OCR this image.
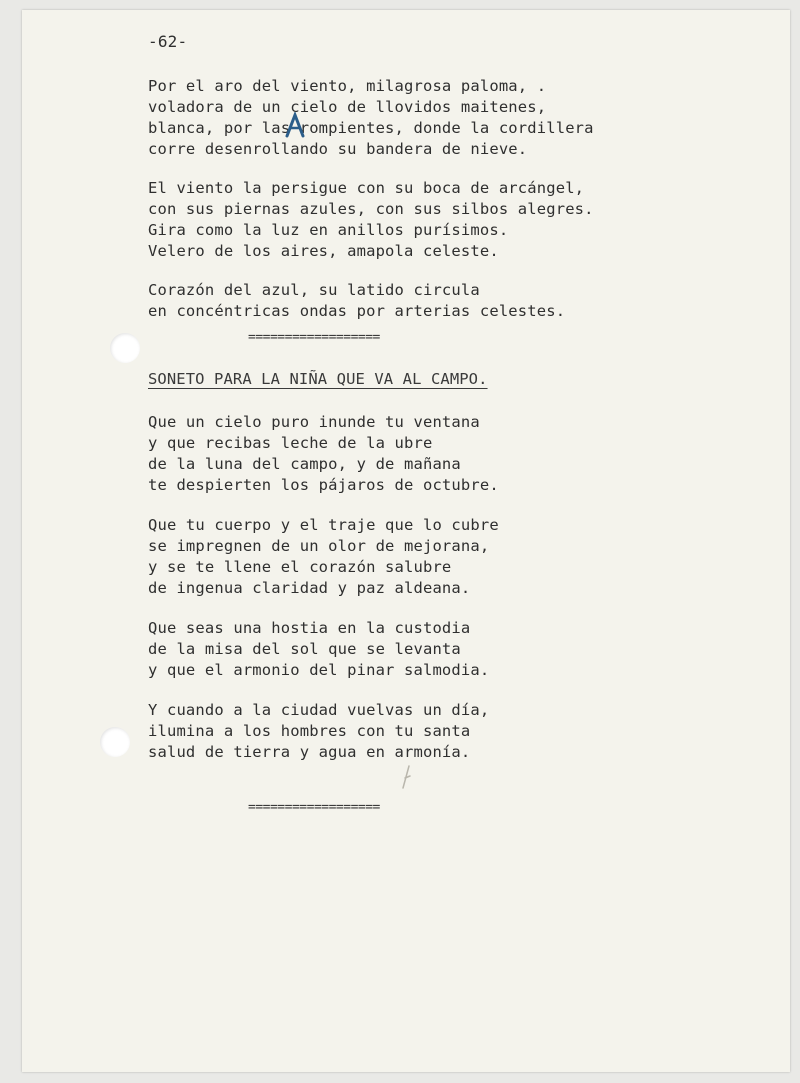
-62-
Por el aro del viento, milagrosa paloma, .
voladora de un cielo de llovidos maitenes,
blanca, por las rompientes, donde la cordillera
corre desenrollando su bandera de nieve.
El viento la persigue con su boca de arcángel,
con sus piernas azules, con sus silbos alegres.
Gira como la luz en anillos purísimos.
Velero de los aires, amapola celeste.
Corazón del azul, su latido circula
en concéntricas ondas por arterias celestes.
==================
SONETO PARA LA NIÑA QUE VA AL CAMPO.
Que un cielo puro inunde tu ventana
y que recibas leche de la ubre
de la luna del campo, y de mañana
te despierten los pájaros de octubre.
Que tu cuerpo y el traje que lo cubre
se impregnen de un olor de mejorana,
y se te llene el corazón salubre
de ingenua claridad y paz aldeana.
Que seas una hostia en la custodia
de la misa del sol que se levanta
y que el armonio del pinar salmodia.
Y cuando a la ciudad vuelvas un día,
ilumina a los hombres con tu santa
salud de tierra y agua en armonía.
==================
